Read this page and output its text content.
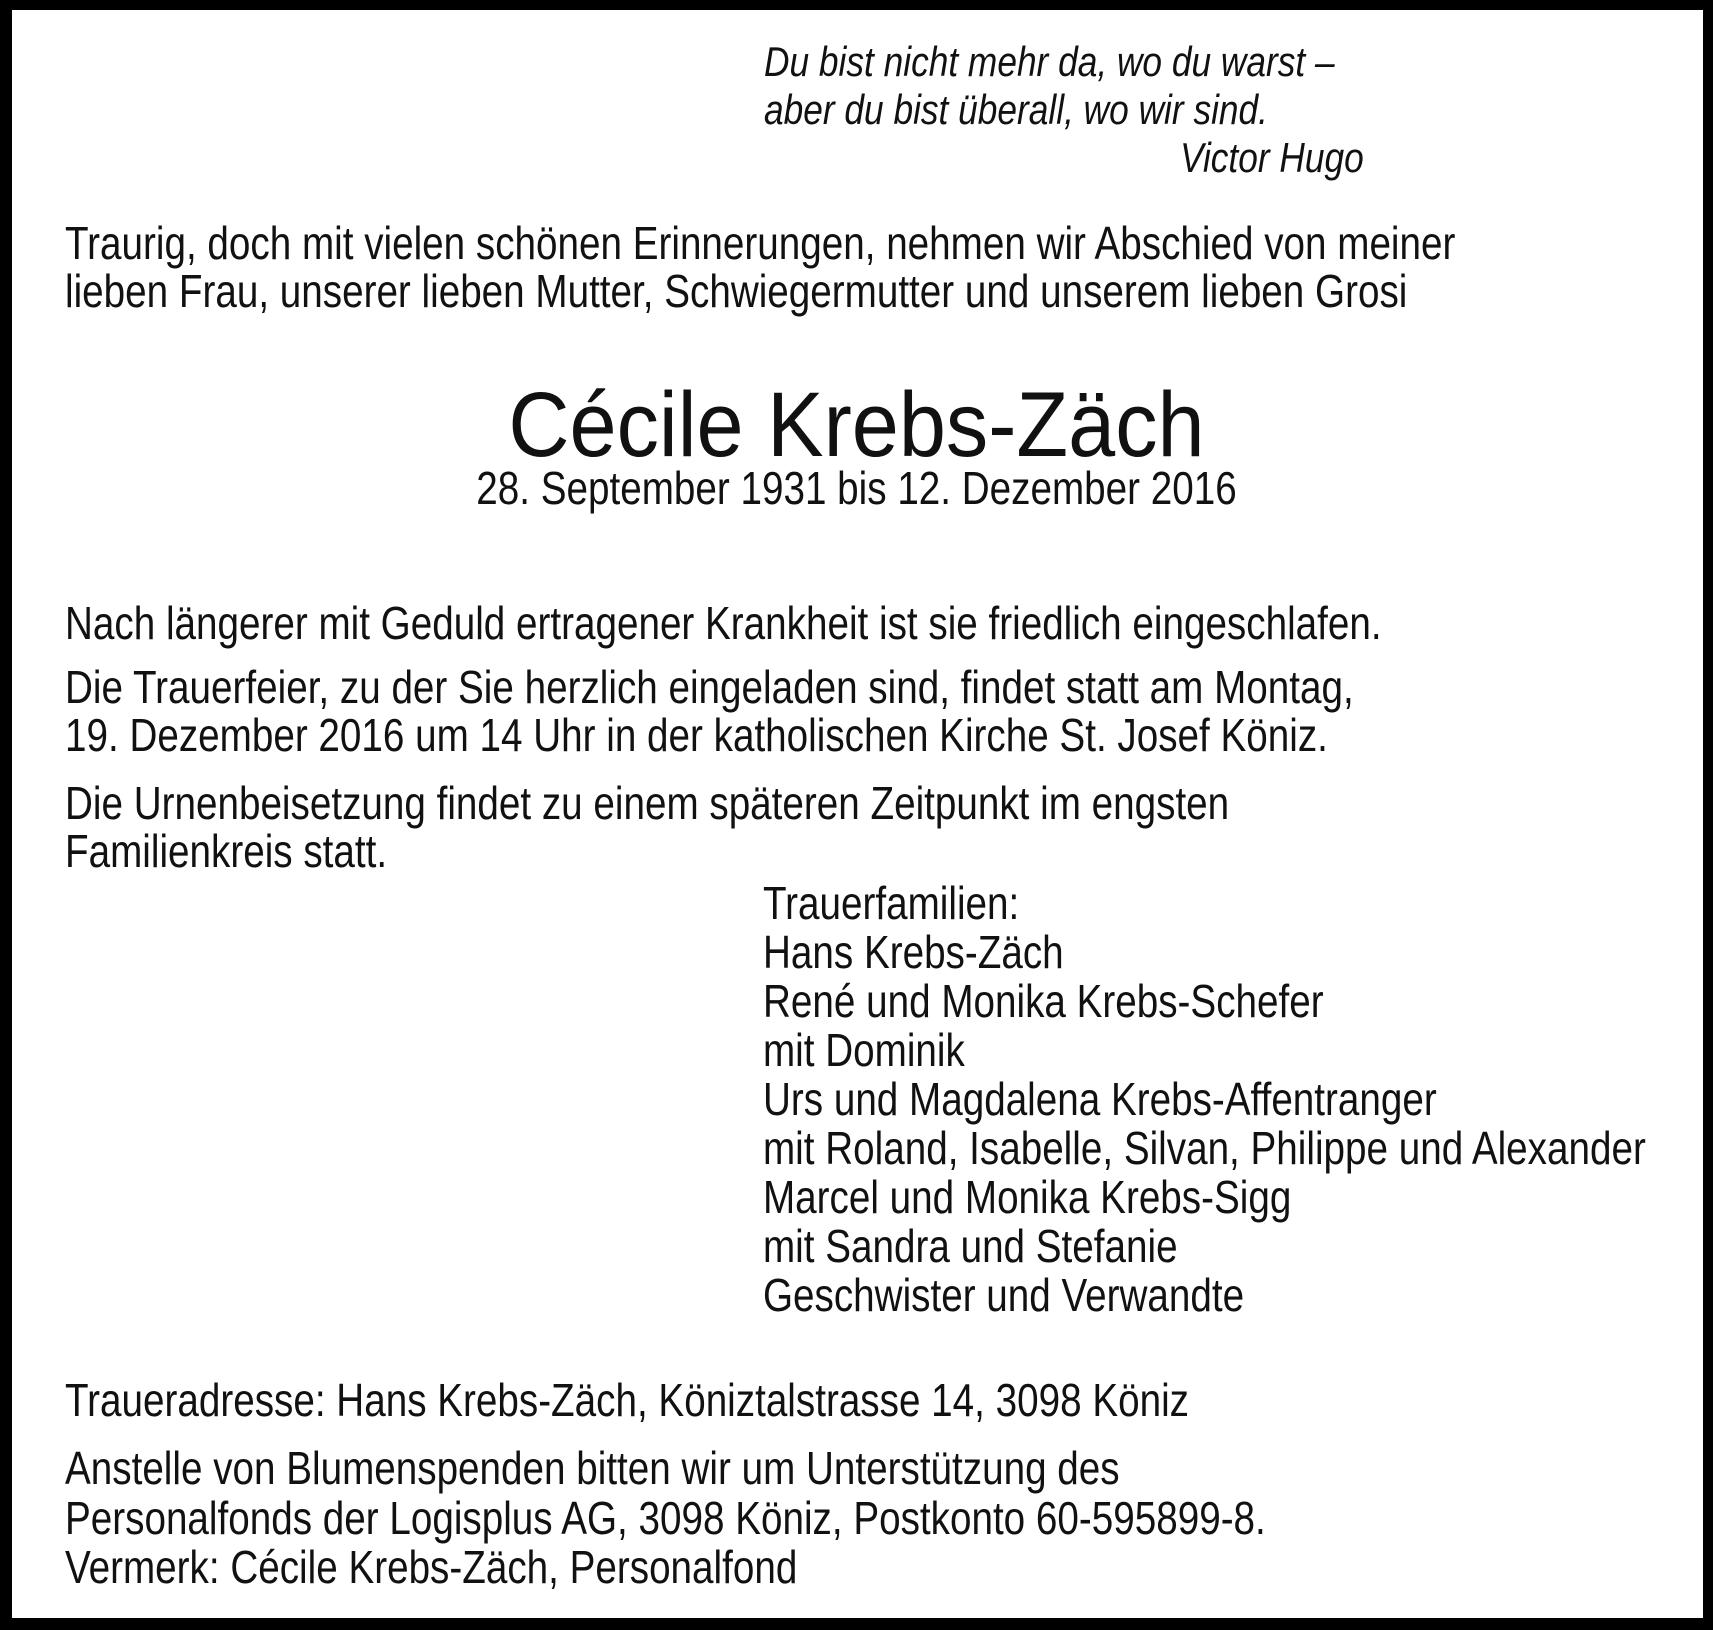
Du bist nicht mehr da, wo du warst –
aber du bist überall, wo wir sind.
Victor Hugo
Traurig, doch mit vielen schönen Erinnerungen, nehmen wir Abschied von meiner
lieben Frau, unserer lieben Mutter, Schwiegermutter und unserem lieben Grosi
Cécile Krebs-Zäch
28. September 1931 bis 12. Dezember 2016
Nach längerer mit Geduld ertragener Krankheit ist sie friedlich eingeschlafen.
Die Trauerfeier, zu der Sie herzlich eingeladen sind, findet statt am Montag,
19. Dezember 2016 um 14 Uhr in der katholischen Kirche St. Josef Köniz.
Die Urnenbeisetzung findet zu einem späteren Zeitpunkt im engsten
Familienkreis statt.
Trauerfamilien:
Hans Krebs-Zäch
René und Monika Krebs-Schefer
mit Dominik
Urs und Magdalena Krebs-Affentranger
mit Roland, Isabelle, Silvan, Philippe und Alexander
Marcel und Monika Krebs-Sigg
mit Sandra und Stefanie
Geschwister und Verwandte
Traueradresse: Hans Krebs-Zäch, Köniztalstrasse 14, 3098 Köniz
Anstelle von Blumenspenden bitten wir um Unterstützung des
Personalfonds der Logisplus AG, 3098 Köniz, Postkonto 60-595899-8.
Vermerk: Cécile Krebs-Zäch, Personalfond
